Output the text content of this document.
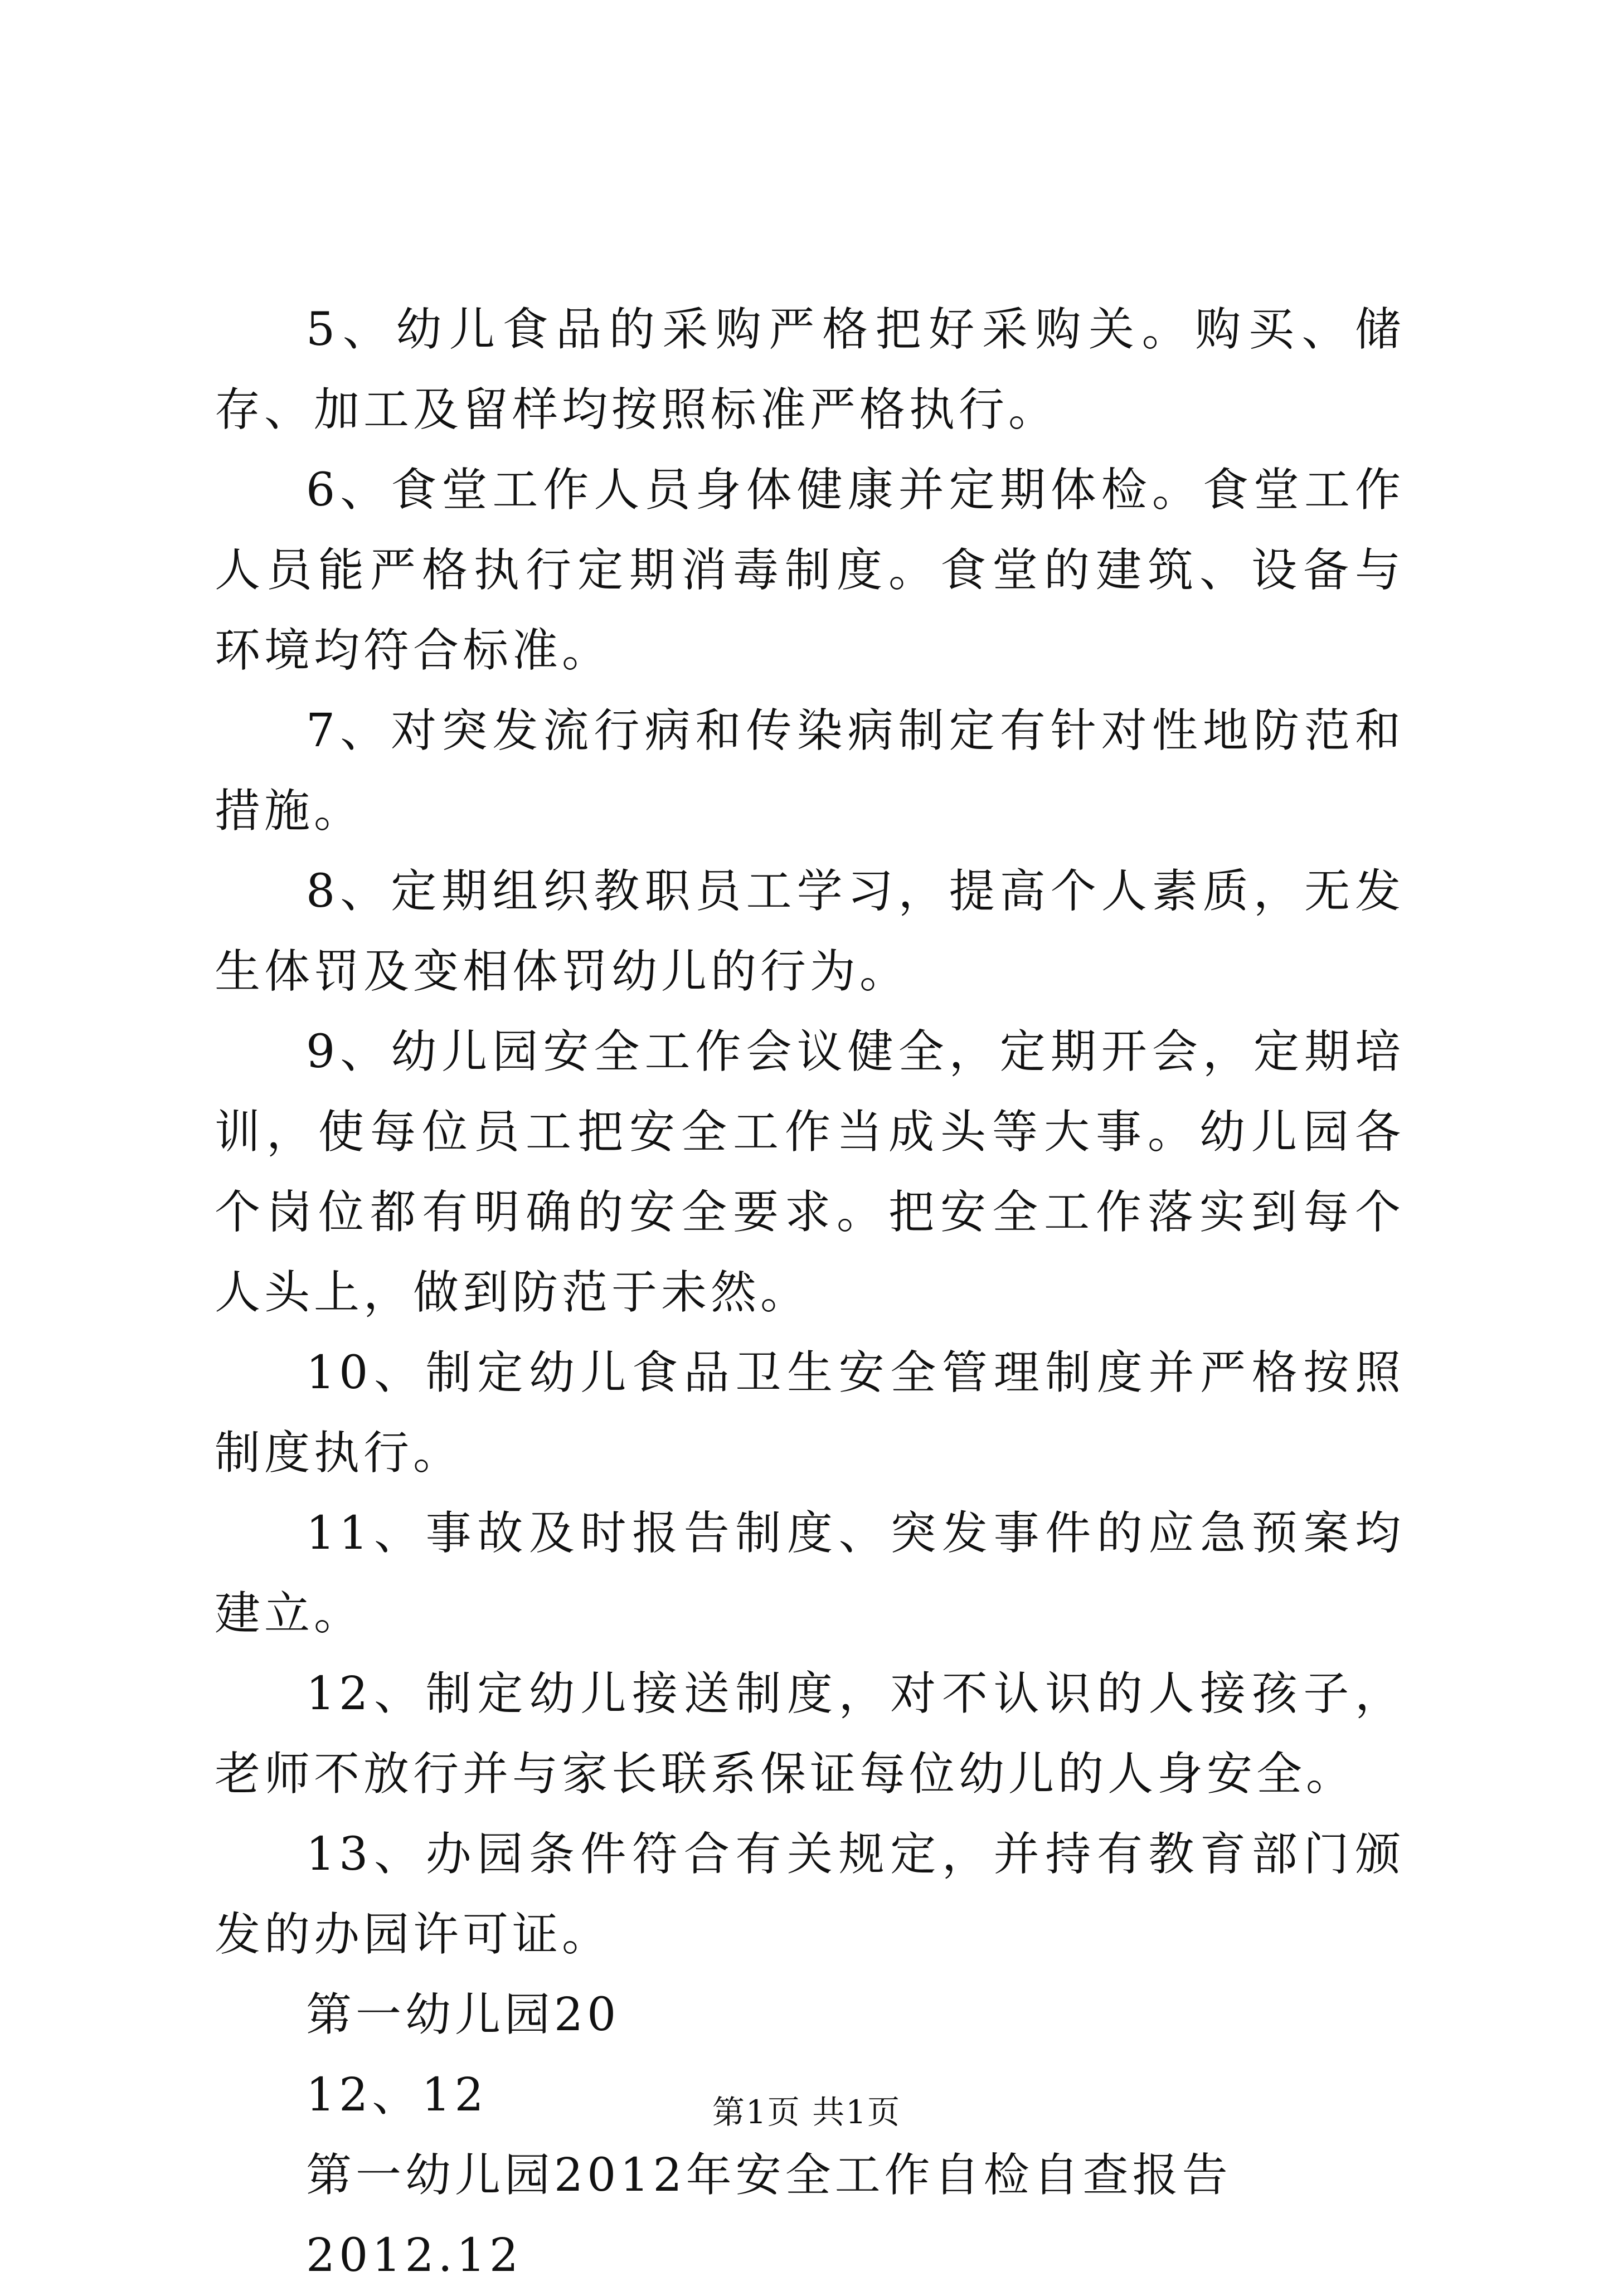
5、幼儿食品的采购严格把好采购关。购买、储存、加工及留样均按照标准严格执行。

6、食堂工作人员身体健康并定期体检。食堂工作人员能严格执行定期消毒制度。食堂的建筑、设备与环境均符合标准。

7、对突发流行病和传染病制定有针对性地防范和措施。

8、定期组织教职员工学习，提高个人素质，无发生体罚及变相体罚幼儿的行为。

9、幼儿园安全工作会议健全，定期开会，定期培训，使每位员工把安全工作当成头等大事。幼儿园各个岗位都有明确的安全要求。把安全工作落实到每个人头上，做到防范于未然。

10、制定幼儿食品卫生安全管理制度并严格按照制度执行。

11、事故及时报告制度、突发事件的应急预案均建立。

12、制定幼儿接送制度，对不认识的人接孩子，老师不放行并与家长联系保证每位幼儿的人身安全。

13、办园条件符合有关规定，并持有教育部门颁发的办园许可证。

第一幼儿园20

12、12

第一幼儿园2012年安全工作自检自查报告

2012.12

第1页 共1页
